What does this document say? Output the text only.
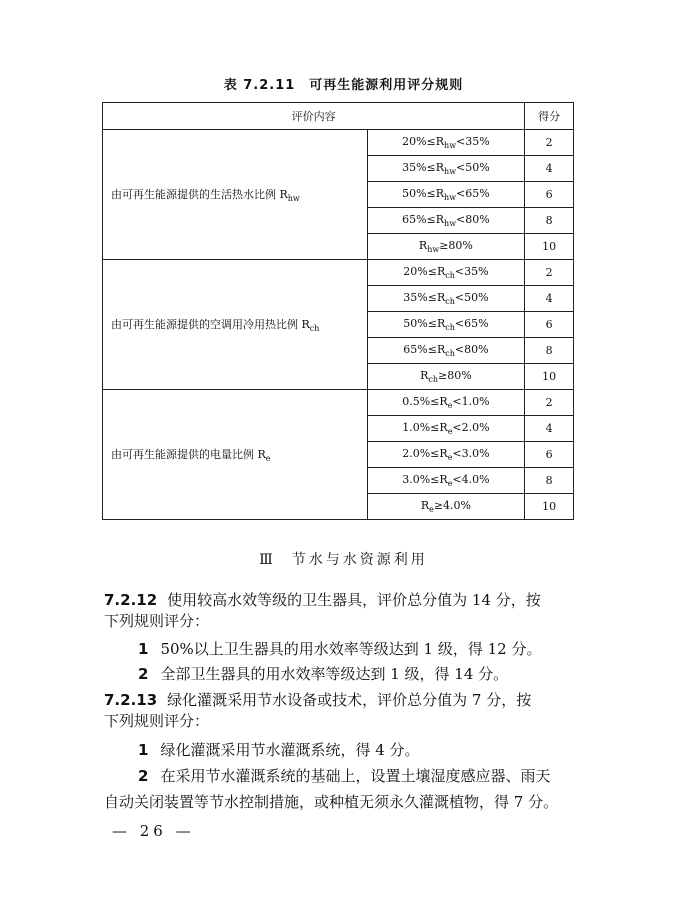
表 7.2.11　可再生能源利用评分规则
评价内容		得分
由可再生能源提供的生活热水比例 $R_{hw}$	$20\%\le R_{hw}<35\%$	2
	$35\%\le R_{hw}<50\%$	4
	$50\%\le R_{hw}<65\%$	6
	$65\%\le R_{hw}<80\%$	8
	$R_{hw}\ge 80\%$	10
由可再生能源提供的空调用冷用热比例 $R_{ch}$	$20\%\le R_{ch}<35\%$	2
	$35\%\le R_{ch}<50\%$	4
	$50\%\le R_{ch}<65\%$	6
	$65\%\le R_{ch}<80\%$	8
	$R_{ch}\ge 80\%$	10
由可再生能源提供的电量比例 $R_e$	$0.5\%\le R_e<1.0\%$	2
	$1.0\%\le R_e<2.0\%$	4
	$2.0\%\le R_e<3.0\%$	6
	$3.0\%\le R_e<4.0\%$	8
	$R_e\ge 4.0\%$	10
Ⅲ 节水与水资源利用
7.2.12 使用较高水效等级的卫生器具，评价总分值为 14 分，按
下列规则评分：
1 50%以上卫生器具的用水效率等级达到 1 级，得 12 分。
2 全部卫生器具的用水效率等级达到 1 级，得 14 分。
7.2.13 绿化灌溉采用节水设备或技术，评价总分值为 7 分，按
下列规则评分：
1 绿化灌溉采用节水灌溉系统，得 4 分。
2 在采用节水灌溉系统的基础上，设置土壤湿度感应器、雨天
自动关闭装置等节水控制措施，或种植无须永久灌溉植物，得 7 分。
— 26 —
